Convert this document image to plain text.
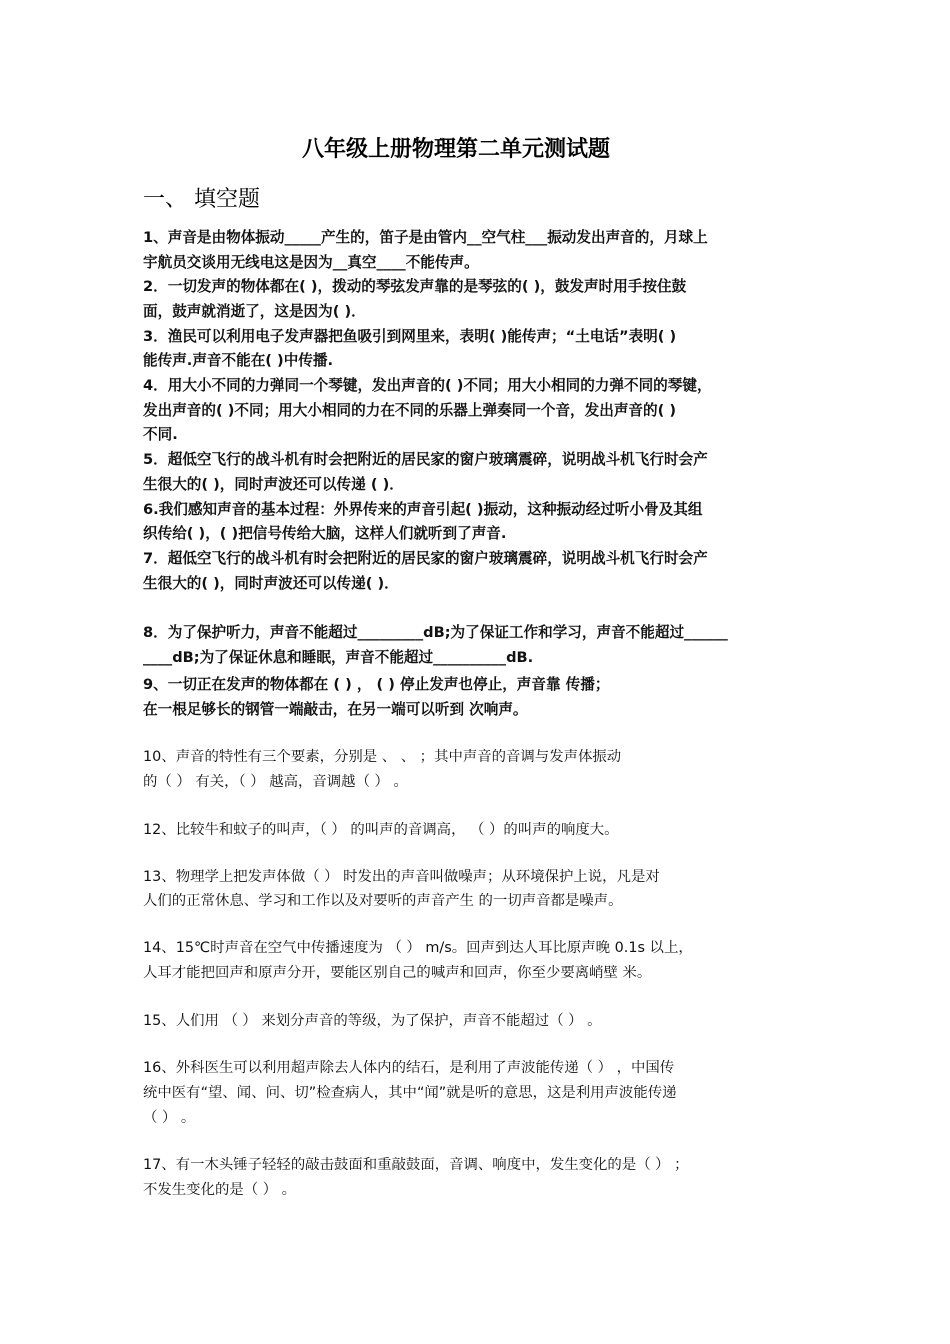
八年级上册物理第二单元测试题
一、 填空题
1、声音是由物体振动_____产生的，笛子是由管内__空气柱___振动发出声音的，月球上
宇航员交谈用无线电这是因为__真空____不能传声。
2．一切发声的物体都在( )，拨动的琴弦发声靠的是琴弦的( )，鼓发声时用手按住鼓
面，鼓声就消逝了，这是因为( )．
3．渔民可以利用电子发声器把鱼吸引到网里来，表明( )能传声；“土电话”表明( )
能传声.声音不能在( )中传播.
4．用大小不同的力弹同一个琴键，发出声音的( )不同；用大小相同的力弹不同的琴键，
发出声音的( )不同；用大小相同的力在不同的乐器上弹奏同一个音，发出声音的( )
不同.
5．超低空飞行的战斗机有时会把附近的居民家的窗户玻璃震碎，说明战斗机飞行时会产
生很大的( )，同时声波还可以传递 ( )．
6.我们感知声音的基本过程：外界传来的声音引起( )振动，这种振动经过听小骨及其组
织传给( )，( )把信号传给大脑，这样人们就听到了声音.
7．超低空飞行的战斗机有时会把附近的居民家的窗户玻璃震碎，说明战斗机飞行时会产
生很大的( )，同时声波还可以传递( )．
8．为了保护听力，声音不能超过_________dB;为了保证工作和学习，声音不能超过______
____dB;为了保证休息和睡眠，声音不能超过__________dB.
9、一切正在发声的物体都在 ( ) ， ( ) 停止发声也停止，声音靠 传播；
在一根足够长的钢管一端敲击，在另一端可以听到 次响声。
10、声音的特性有三个要素，分别是 、 、 ；其中声音的音调与发声体振动
的（ ） 有关，（ ） 越高，音调越（ ） 。
12、比较牛和蚊子的叫声，（ ） 的叫声的音调高， （ ）的叫声的响度大。
13、物理学上把发声体做（ ） 时发出的声音叫做噪声；从环境保护上说，凡是对
人们的正常休息、学习和工作以及对要听的声音产生 的一切声音都是噪声。
14、15℃时声音在空气中传播速度为 （ ） m/s。回声到达人耳比原声晚 0.1s 以上，
人耳才能把回声和原声分开，要能区别自己的喊声和回声，你至少要离峭壁 米。
15、人们用 （ ） 来划分声音的等级，为了保护，声音不能超过（ ） 。
16、外科医生可以利用超声除去人体内的结石，是利用了声波能传递（ ） ，中国传
统中医有“望、闻、问、切”检查病人，其中“闻”就是听的意思，这是利用声波能传递
（ ） 。
17、有一木头锤子轻轻的敲击鼓面和重敲鼓面，音调、响度中，发生变化的是（ ） ；
不发生变化的是（ ） 。
